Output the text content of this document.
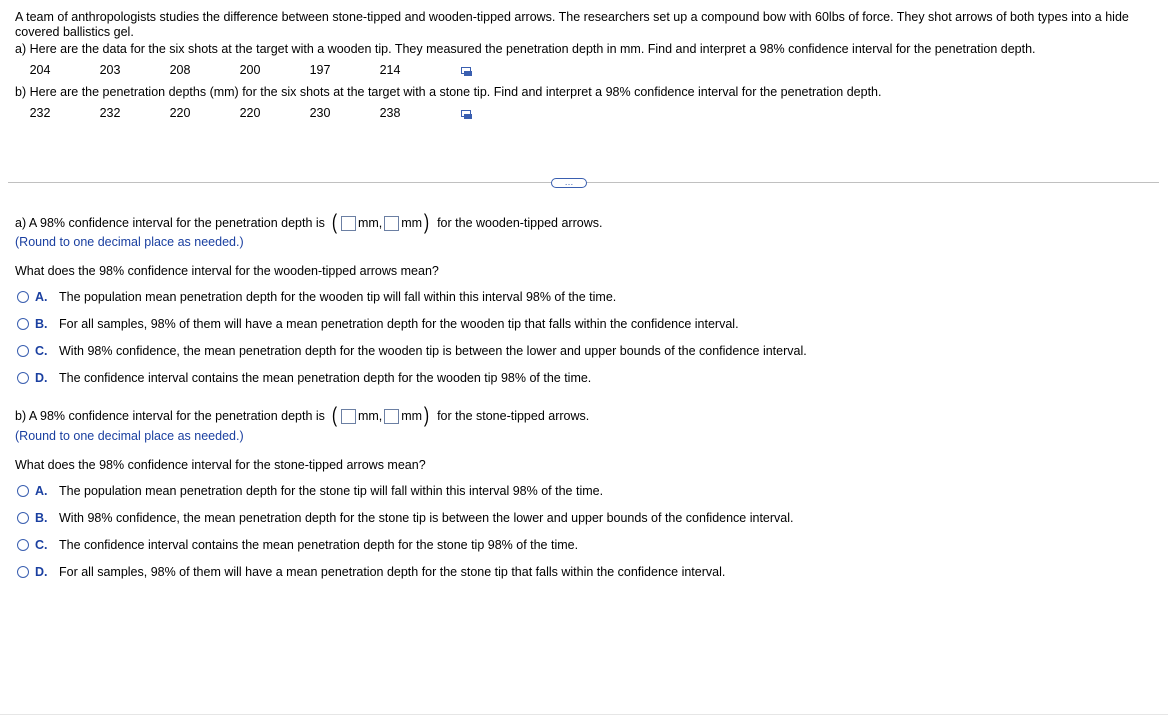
A team of anthropologists studies the difference between stone-tipped and wooden-tipped arrows. The researchers set up a compound bow with 60lbs of force. They shot arrows of both types into a hide covered ballistics gel.
a) Here are the data for the six shots at the target with a wooden tip. They measured the penetration depth in mm. Find and interpret a 98% confidence interval for the penetration depth.
204	203	208	200	197	214
b) Here are the penetration depths (mm) for the six shots at the target with a stone tip. Find and interpret a 98% confidence interval for the penetration depth.
232	232	220	220	230	238
…
a) A 98% confidence interval for the penetration depth is ( mm, mm ) for the wooden-tipped arrows.
(Round to one decimal place as needed.)
What does the 98% confidence interval for the wooden-tipped arrows mean?
A. The population mean penetration depth for the wooden tip will fall within this interval 98% of the time.
B. For all samples, 98% of them will have a mean penetration depth for the wooden tip that falls within the confidence interval.
C. With 98% confidence, the mean penetration depth for the wooden tip is between the lower and upper bounds of the confidence interval.
D. The confidence interval contains the mean penetration depth for the wooden tip 98% of the time.
b) A 98% confidence interval for the penetration depth is ( mm, mm ) for the stone-tipped arrows.
(Round to one decimal place as needed.)
What does the 98% confidence interval for the stone-tipped arrows mean?
A. The population mean penetration depth for the stone tip will fall within this interval 98% of the time.
B. With 98% confidence, the mean penetration depth for the stone tip is between the lower and upper bounds of the confidence interval.
C. The confidence interval contains the mean penetration depth for the stone tip 98% of the time.
D. For all samples, 98% of them will have a mean penetration depth for the stone tip that falls within the confidence interval.
